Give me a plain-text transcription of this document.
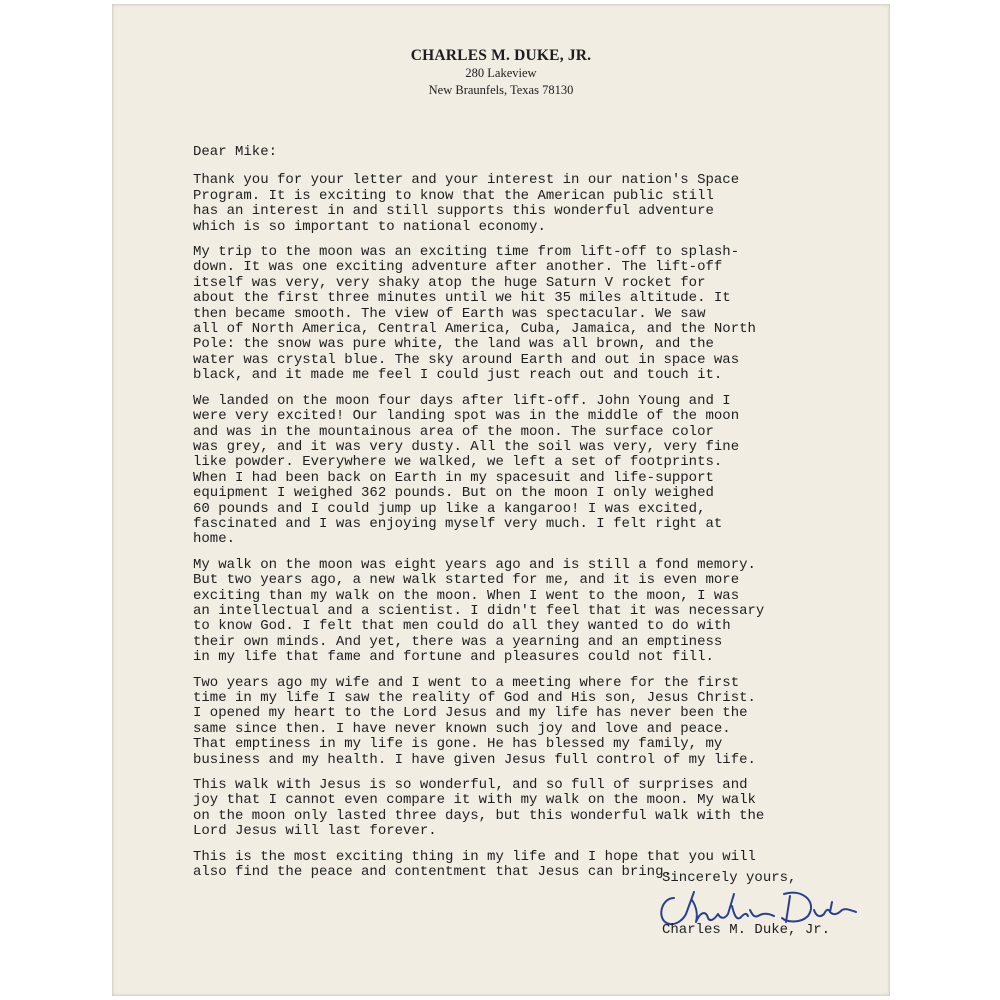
CHARLES M. DUKE, JR.
280 Lakeview
New Braunfels, Texas 78130
Dear Mike:
Thank you for your letter and your interest in our nation's Space
Program. It is exciting to know that the American public still
has an interest in and still supports this wonderful adventure
which is so important to national economy.
My trip to the moon was an exciting time from lift-off to splash-
down. It was one exciting adventure after another. The lift-off
itself was very, very shaky atop the huge Saturn V rocket for
about the first three minutes until we hit 35 miles altitude. It
then became smooth. The view of Earth was spectacular. We saw
all of North America, Central America, Cuba, Jamaica, and the North
Pole: the snow was pure white, the land was all brown, and the
water was crystal blue. The sky around Earth and out in space was
black, and it made me feel I could just reach out and touch it.
We landed on the moon four days after lift-off. John Young and I
were very excited! Our landing spot was in the middle of the moon
and was in the mountainous area of the moon. The surface color
was grey, and it was very dusty. All the soil was very, very fine
like powder. Everywhere we walked, we left a set of footprints.
When I had been back on Earth in my spacesuit and life-support
equipment I weighed 362 pounds. But on the moon I only weighed
60 pounds and I could jump up like a kangaroo! I was excited,
fascinated and I was enjoying myself very much. I felt right at
home.
My walk on the moon was eight years ago and is still a fond memory.
But two years ago, a new walk started for me, and it is even more
exciting than my walk on the moon. When I went to the moon, I was
an intellectual and a scientist. I didn't feel that it was necessary
to know God. I felt that men could do all they wanted to do with
their own minds. And yet, there was a yearning and an emptiness
in my life that fame and fortune and pleasures could not fill.
Two years ago my wife and I went to a meeting where for the first
time in my life I saw the reality of God and His son, Jesus Christ.
I opened my heart to the Lord Jesus and my life has never been the
same since then. I have never known such joy and love and peace.
That emptiness in my life is gone. He has blessed my family, my
business and my health. I have given Jesus full control of my life.
This walk with Jesus is so wonderful, and so full of surprises and
joy that I cannot even compare it with my walk on the moon. My walk
on the moon only lasted three days, but this wonderful walk with the
Lord Jesus will last forever.
This is the most exciting thing in my life and I hope that you will
also find the peace and contentment that Jesus can bring.
Sincerely yours,
Charles M. Duke, Jr.
